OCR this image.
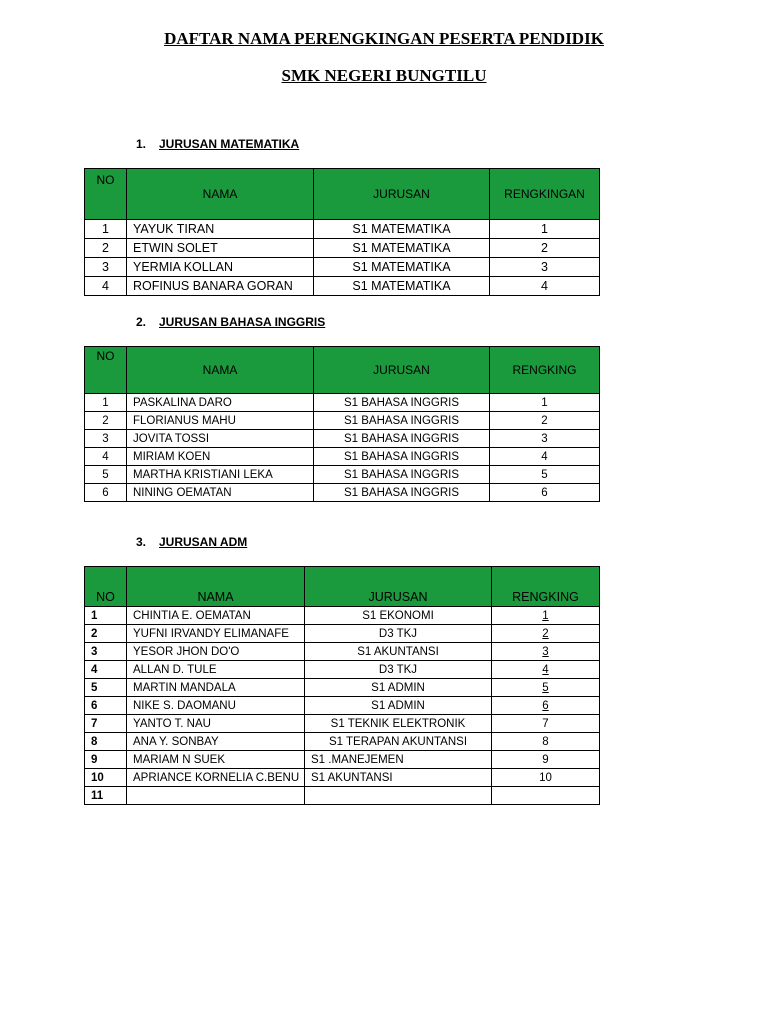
DAFTAR NAMA PERENGKINGAN PESERTA PENDIDIK
SMK NEGERI BUNGTILU

1. JURUSAN MATEMATIKA

NO	NAMA	JURUSAN	RENGKINGAN
1	YAYUK TIRAN	S1 MATEMATIKA	1
2	ETWIN SOLET	S1 MATEMATIKA	2
3	YERMIA KOLLAN	S1 MATEMATIKA	3
4	ROFINUS BANARA GORAN	S1 MATEMATIKA	4

2. JURUSAN BAHASA INGGRIS

NO	NAMA	JURUSAN	RENGKING
1	PASKALINA DARO	S1 BAHASA INGGRIS	1
2	FLORIANUS MAHU	S1 BAHASA INGGRIS	2
3	JOVITA TOSSI	S1 BAHASA INGGRIS	3
4	MIRIAM KOEN	S1 BAHASA INGGRIS	4
5	MARTHA KRISTIANI LEKA	S1 BAHASA INGGRIS	5
6	NINING OEMATAN	S1 BAHASA INGGRIS	6

3. JURUSAN ADM

NO	NAMA	JURUSAN	RENGKING
1	CHINTIA E. OEMATAN	S1 EKONOMI	1
2	YUFNI IRVANDY ELIMANAFE	D3 TKJ	2
3	YESOR JHON DO'O	S1 AKUNTANSI	3
4	ALLAN D. TULE	D3 TKJ	4
5	MARTIN MANDALA	S1 ADMIN	5
6	NIKE S. DAOMANU	S1 ADMIN	6
7	YANTO T. NAU	S1 TEKNIK ELEKTRONIK	7
8	ANA Y. SONBAY	S1 TERAPAN AKUNTANSI	8
9	MARIAM N SUEK	S1 .MANEJEMEN	9
10	APRIANCE KORNELIA C.BENU	S1 AKUNTANSI	10
11			
